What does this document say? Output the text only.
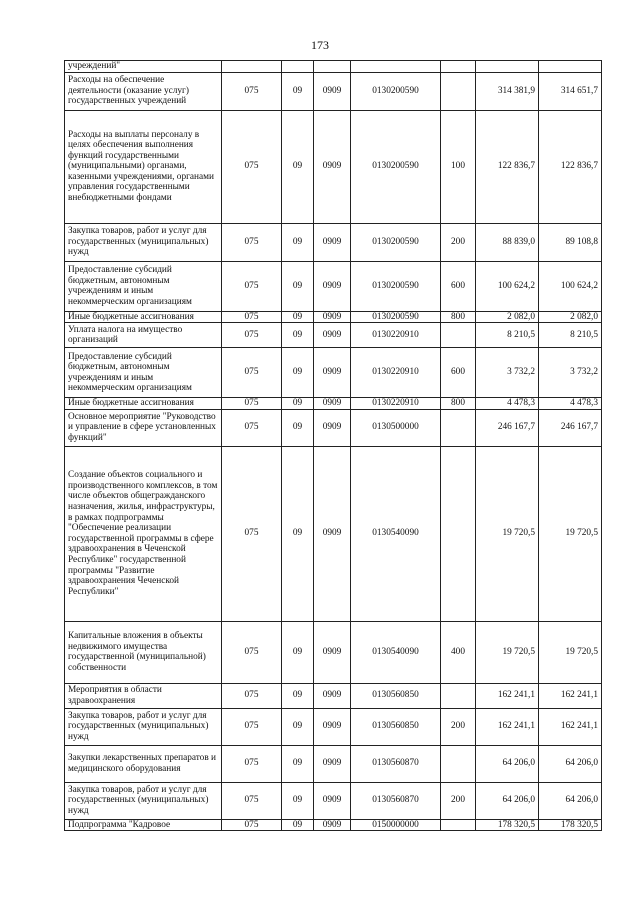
173
учреждений"							
Расходы на обеспечение деятельности (оказание услуг) государственных учреждений	075	09	0909	0130200590		314 381,9	314 651,7
Расходы на выплаты персоналу в целях обеспечения выполнения функций государственными (муниципальными) органами, казенными учреждениями, органами управления государственными внебюджетными фондами	075	09	0909	0130200590	100	122 836,7	122 836,7
Закупка товаров, работ и услуг для государственных (муниципальных) нужд	075	09	0909	0130200590	200	88 839,0	89 108,8
Предоставление субсидий бюджетным, автономным учреждениям и иным некоммерческим организациям	075	09	0909	0130200590	600	100 624,2	100 624,2
Иные бюджетные ассигнования	075	09	0909	0130200590	800	2 082,0	2 082,0
Уплата налога на имущество организаций	075	09	0909	0130220910		8 210,5	8 210,5
Предоставление субсидий бюджетным, автономным учреждениям и иным некоммерческим организациям	075	09	0909	0130220910	600	3 732,2	3 732,2
Иные бюджетные ассигнования	075	09	0909	0130220910	800	4 478,3	4 478,3
Основное мероприятие "Руководство и управление в сфере установленных функций"	075	09	0909	0130500000		246 167,7	246 167,7
Создание объектов социального и производственного комплексов, в том числе объектов общегражданского назначения, жилья, инфраструктуры, в рамках подпрограммы "Обеспечение реализации государственной программы в сфере здравоохранения в Чеченской Республике" государственной программы "Развитие здравоохранения Чеченской Республики"	075	09	0909	0130540090		19 720,5	19 720,5
Капитальные вложения в объекты недвижимого имущества государственной (муниципальной) собственности	075	09	0909	0130540090	400	19 720,5	19 720,5
Мероприятия в области здравоохранения	075	09	0909	0130560850		162 241,1	162 241,1
Закупка товаров, работ и услуг для государственных (муниципальных) нужд	075	09	0909	0130560850	200	162 241,1	162 241,1
Закупки лекарственных препаратов и медицинского оборудования	075	09	0909	0130560870		64 206,0	64 206,0
Закупка товаров, работ и услуг для государственных (муниципальных) нужд	075	09	0909	0130560870	200	64 206,0	64 206,0
Подпрограмма "Кадровое	075	09	0909	0150000000		178 320,5	178 320,5
